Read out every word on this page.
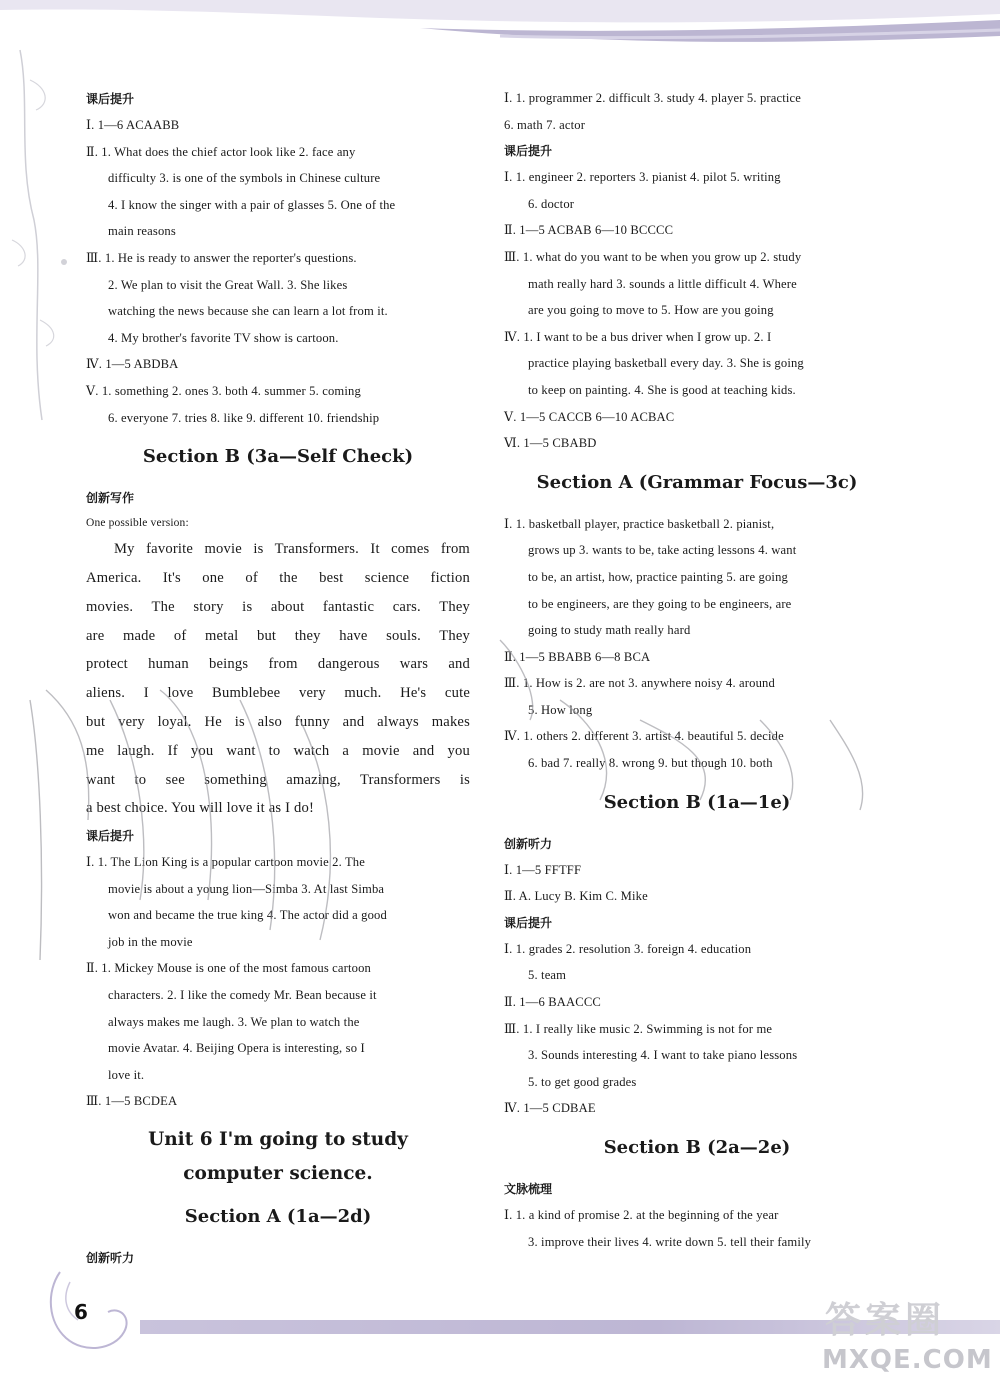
课后提升
Ⅰ. 1—6 ACAABB
Ⅱ. 1. What does the chief actor look like 2. face any
difficulty 3. is one of the symbols in Chinese culture
4. I know the singer with a pair of glasses 5. One of the
main reasons
Ⅲ. 1. He is ready to answer the reporter's questions.
2. We plan to visit the Great Wall. 3. She likes
watching the news because she can learn a lot from it.
4. My brother's favorite TV show is cartoon.
Ⅳ. 1—5 ABDBA
Ⅴ. 1. something 2. ones 3. both 4. summer 5. coming
6. everyone 7. tries 8. like 9. different 10. friendship
Section B (3a—Self Check)
创新写作
One possible version:
My favorite movie is Transformers. It comes from
America. It's one of the best science fiction
movies. The story is about fantastic cars. They
are made of metal but they have souls. They
protect human beings from dangerous wars and
aliens. I love Bumblebee very much. He's cute
but very loyal. He is also funny and always makes
me laugh. If you want to watch a movie and you
want to see something amazing, Transformers is
a best choice. You will love it as I do!
课后提升
Ⅰ. 1. The Lion King is a popular cartoon movie 2. The
movie is about a young lion—Simba 3. At last Simba
won and became the true king 4. The actor did a good
job in the movie
Ⅱ. 1. Mickey Mouse is one of the most famous cartoon
characters. 2. I like the comedy Mr. Bean because it
always makes me laugh. 3. We plan to watch the
movie Avatar. 4. Beijing Opera is interesting, so I
love it.
Ⅲ. 1—5 BCDEA
Unit 6 I'm going to study
computer science.
Section A (1a—2d)
创新听力
Ⅰ. 1. programmer 2. difficult 3. study 4. player 5. practice
6. math 7. actor
课后提升
Ⅰ. 1. engineer 2. reporters 3. pianist 4. pilot 5. writing
6. doctor
Ⅱ. 1—5 ACBAB 6—10 BCCCC
Ⅲ. 1. what do you want to be when you grow up 2. study
math really hard 3. sounds a little difficult 4. Where
are you going to move to 5. How are you going
Ⅳ. 1. I want to be a bus driver when I grow up. 2. I
practice playing basketball every day. 3. She is going
to keep on painting. 4. She is good at teaching kids.
Ⅴ. 1—5 CACCB 6—10 ACBAC
Ⅵ. 1—5 CBABD
Section A (Grammar Focus—3c)
Ⅰ. 1. basketball player, practice basketball 2. pianist,
grows up 3. wants to be, take acting lessons 4. want
to be, an artist, how, practice painting 5. are going
to be engineers, are they going to be engineers, are
going to study math really hard
Ⅱ. 1—5 BBABB 6—8 BCA
Ⅲ. 1. How is 2. are not 3. anywhere noisy 4. around
5. How long
Ⅳ. 1. others 2. different 3. artist 4. beautiful 5. decide
6. bad 7. really 8. wrong 9. but though 10. both
Section B (1a—1e)
创新听力
Ⅰ. 1—5 FFTFF
Ⅱ. A. Lucy B. Kim C. Mike
课后提升
Ⅰ. 1. grades 2. resolution 3. foreign 4. education
5. team
Ⅱ. 1—6 BAACCC
Ⅲ. 1. I really like music 2. Swimming is not for me
3. Sounds interesting 4. I want to take piano lessons
5. to get good grades
Ⅳ. 1—5 CDBAE
Section B (2a—2e)
文脉梳理
Ⅰ. 1. a kind of promise 2. at the beginning of the year
3. improve their lives 4. write down 5. tell their family
6	答案圈
MXQE.COM
